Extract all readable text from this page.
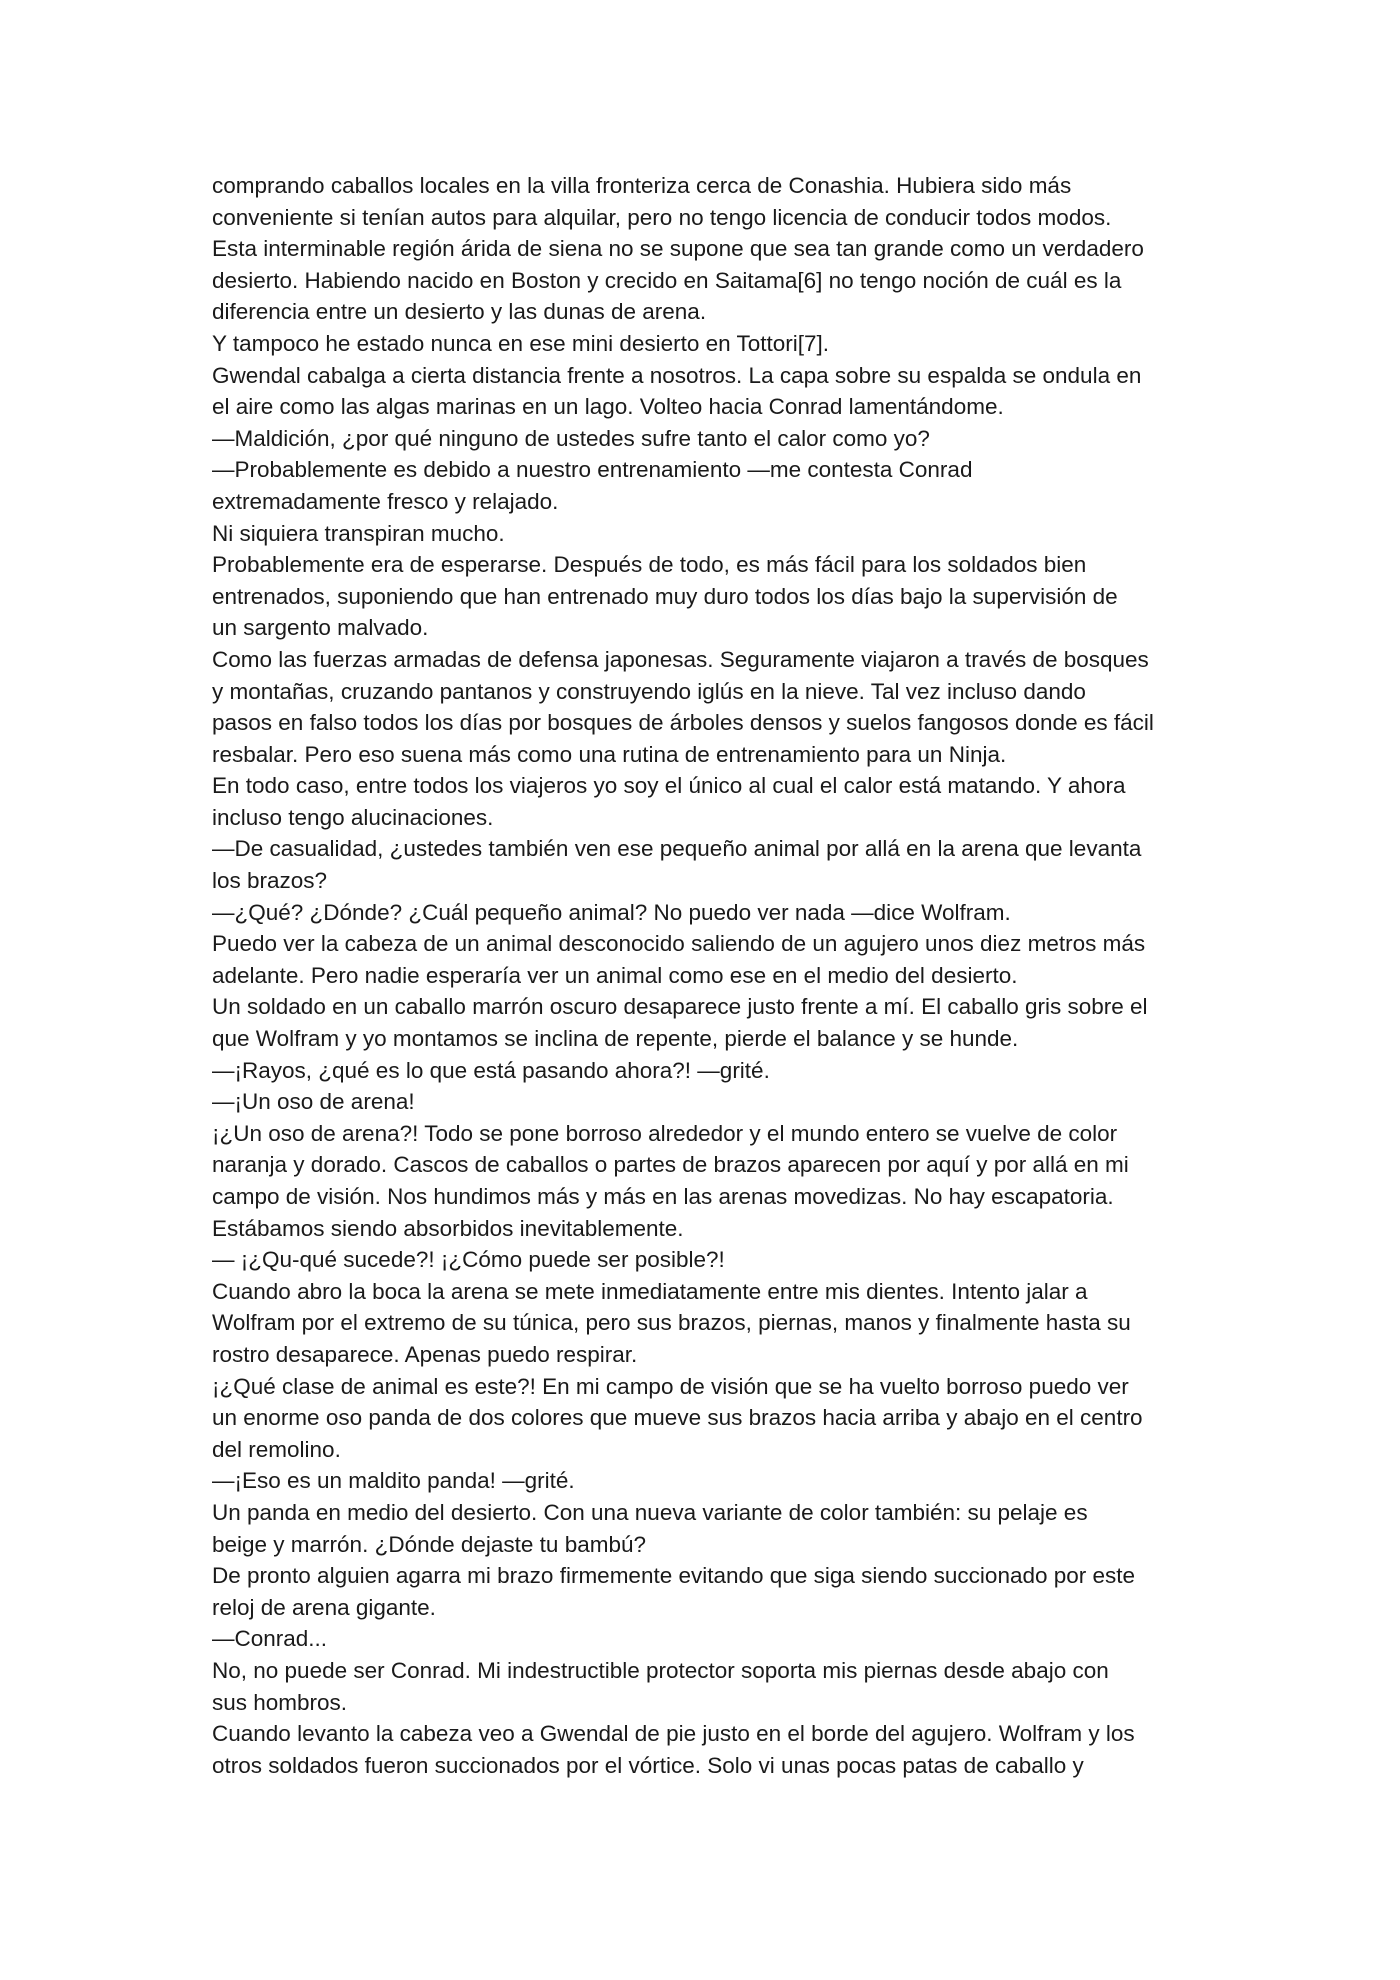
comprando caballos locales en la villa fronteriza cerca de Conashia. Hubiera sido más
conveniente si tenían autos para alquilar, pero no tengo licencia de conducir todos modos.
Esta interminable región árida de siena no se supone que sea tan grande como un verdadero
desierto. Habiendo nacido en Boston y crecido en Saitama[6] no tengo noción de cuál es la
diferencia entre un desierto y las dunas de arena.
Y tampoco he estado nunca en ese mini desierto en Tottori[7].
Gwendal cabalga a cierta distancia frente a nosotros. La capa sobre su espalda se ondula en
el aire como las algas marinas en un lago. Volteo hacia Conrad lamentándome.
—Maldición, ¿por qué ninguno de ustedes sufre tanto el calor como yo?
—Probablemente es debido a nuestro entrenamiento —me contesta Conrad
extremadamente fresco y relajado.
Ni siquiera transpiran mucho.
Probablemente era de esperarse. Después de todo, es más fácil para los soldados bien
entrenados, suponiendo que han entrenado muy duro todos los días bajo la supervisión de
un sargento malvado.
Como las fuerzas armadas de defensa japonesas. Seguramente viajaron a través de bosques
y montañas, cruzando pantanos y construyendo iglús en la nieve. Tal vez incluso dando
pasos en falso todos los días por bosques de árboles densos y suelos fangosos donde es fácil
resbalar. Pero eso suena más como una rutina de entrenamiento para un Ninja.
En todo caso, entre todos los viajeros yo soy el único al cual el calor está matando. Y ahora
incluso tengo alucinaciones.
—De casualidad, ¿ustedes también ven ese pequeño animal por allá en la arena que levanta
los brazos?
—¿Qué? ¿Dónde? ¿Cuál pequeño animal? No puedo ver nada —dice Wolfram.
Puedo ver la cabeza de un animal desconocido saliendo de un agujero unos diez metros más
adelante. Pero nadie esperaría ver un animal como ese en el medio del desierto.
Un soldado en un caballo marrón oscuro desaparece justo frente a mí. El caballo gris sobre el
que Wolfram y yo montamos se inclina de repente, pierde el balance y se hunde.
—¡Rayos, ¿qué es lo que está pasando ahora?! —grité.
—¡Un oso de arena!
¡¿Un oso de arena?! Todo se pone borroso alrededor y el mundo entero se vuelve de color
naranja y dorado. Cascos de caballos o partes de brazos aparecen por aquí y por allá en mi
campo de visión. Nos hundimos más y más en las arenas movedizas. No hay escapatoria.
Estábamos siendo absorbidos inevitablemente.
— ¡¿Qu-qué sucede?! ¡¿Cómo puede ser posible?!
Cuando abro la boca la arena se mete inmediatamente entre mis dientes. Intento jalar a
Wolfram por el extremo de su túnica, pero sus brazos, piernas, manos y finalmente hasta su
rostro desaparece. Apenas puedo respirar.
¡¿Qué clase de animal es este?! En mi campo de visión que se ha vuelto borroso puedo ver
un enorme oso panda de dos colores que mueve sus brazos hacia arriba y abajo en el centro
del remolino.
—¡Eso es un maldito panda! —grité.
Un panda en medio del desierto. Con una nueva variante de color también: su pelaje es
beige y marrón. ¿Dónde dejaste tu bambú?
De pronto alguien agarra mi brazo firmemente evitando que siga siendo succionado por este
reloj de arena gigante.
—Conrad...
No, no puede ser Conrad. Mi indestructible protector soporta mis piernas desde abajo con
sus hombros.
Cuando levanto la cabeza veo a Gwendal de pie justo en el borde del agujero. Wolfram y los
otros soldados fueron succionados por el vórtice. Solo vi unas pocas patas de caballo y
